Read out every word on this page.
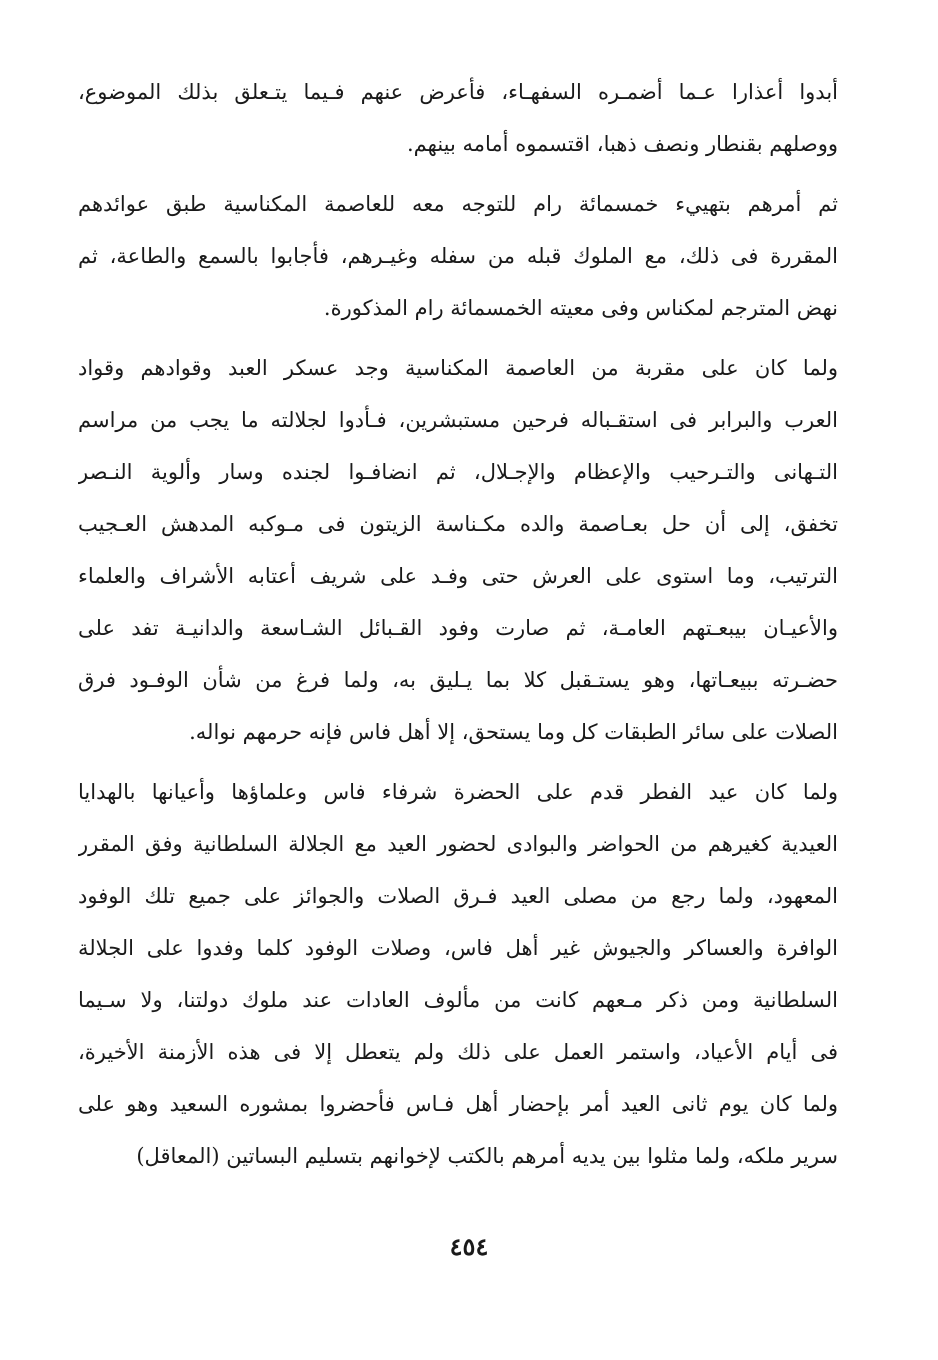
أبدوا أعذارا عـما أضمـره السفهـاء، فأعرض عنهم فـيما يتـعلق بذلك الموضوع،
ووصلهم بقنطار ونصف ذهبا، اقتسموه أمامه بينهم.

ثم أمرهم بتهييء خمسمائة رام للتوجه معه للعاصمة المكناسية طبق عوائدهم
المقررة فى ذلك، مع الملوك قبله من سفله وغيـرهم، فأجابوا بالسمع والطاعة، ثم
نهض المترجم لمكناس وفى معيته الخمسمائة رام المذكورة.

ولما كان على مقربة من العاصمة المكناسية وجد عسكر العبد وقوادهم وقواد
العرب والبرابر فى استقـباله فرحين مستبشرين، فـأدوا لجلالته ما يجب من مراسم
التـهانى والتـرحيب والإعظام والإجـلال، ثم انضافـوا لجنده وسار وألوية النـصر
تخفق، إلى أن حل بعـاصمة والده مكـناسة الزيتون فى مـوكبه المدهش العـجيب
الترتيب، وما استوى على العرش حتى وفـد على شريف أعتابه الأشراف والعلماء
والأعيـان بيبعـتهم العامـة، ثم صارت وفود القـبائل الشـاسعة والدانيـة تفد على
حضـرته ببيعـاتها، وهو يستـقبل كلا بما يـليق به، ولما فرغ من شأن الوفـود فرق
الصلات على سائر الطبقات كل وما يستحق، إلا أهل فاس فإنه حرمهم نواله.

ولما كان عيد الفطر قدم على الحضرة شرفاء فاس وعلماؤها وأعيانها بالهدايا
العيدية كغيرهم من الحواضر والبوادى لحضور العيد مع الجلالة السلطانية وفق المقرر
المعهود، ولما رجع من مصلى العيد فـرق الصلات والجوائز على جميع تلك الوفود
الوافرة والعساكر والجيوش غير أهل فاس، وصلات الوفود كلما وفدوا على الجلالة
السلطانية ومن ذكر مـعهم كانت من مألوف العادات عند ملوك دولتنا، ولا سـيما
فى أيام الأعياد، واستمر العمل على ذلك ولم يتعطل إلا فى هذه الأزمنة الأخيرة،
ولما كان يوم ثانى العيد أمر بإحضار أهل فـاس فأحضروا بمشوره السعيد وهو على
سرير ملكه، ولما مثلوا بين يديه أمرهم بالكتب لإخوانهم بتسليم البساتين (المعاقل)

٤٥٤
